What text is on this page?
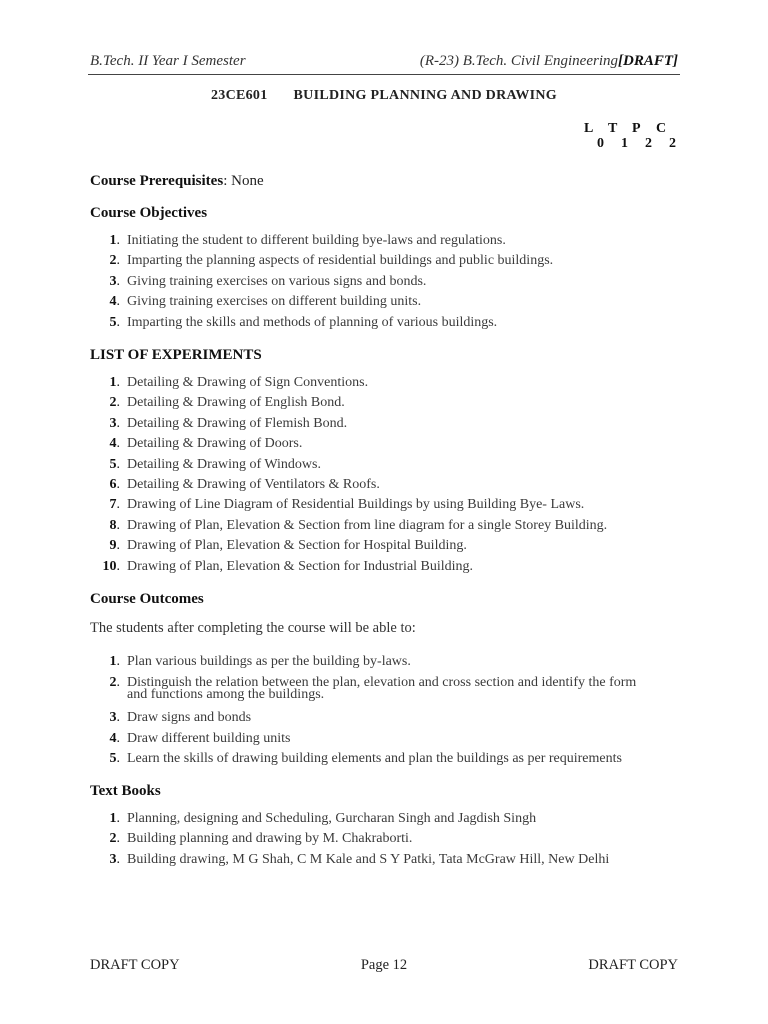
B.Tech. II Year I Semester	(R-23) B.Tech. Civil Engineering[DRAFT]
23CE601 BUILDING PLANNING AND DRAWING
L T P C
0 1 2 2
Course Prerequisites: None
Course Objectives
1 . Initiating the student to different building bye-laws and regulations.
2 . Imparting the planning aspects of residential buildings and public buildings.
3 . Giving training exercises on various signs and bonds.
4 . Giving training exercises on different building units.
5 . Imparting the skills and methods of planning of various buildings.
LIST OF EXPERIMENTS
1 . Detailing & Drawing of Sign Conventions.
2 . Detailing & Drawing of English Bond.
3 . Detailing & Drawing of Flemish Bond.
4 . Detailing & Drawing of Doors.
5 . Detailing & Drawing of Windows.
6 . Detailing & Drawing of Ventilators & Roofs.
7 . Drawing of Line Diagram of Residential Buildings by using Building Bye- Laws.
8 . Drawing of Plan, Elevation & Section from line diagram for a single Storey Building.
9 . Drawing of Plan, Elevation & Section for Hospital Building.
10 . Drawing of Plan, Elevation & Section for Industrial Building.
Course Outcomes
The students after completing the course will be able to:
1 . Plan various buildings as per the building by-laws.
2 . Distinguish the relation between the plan, elevation and cross section and identify the form
and functions among the buildings.
3 . Draw signs and bonds
4 . Draw different building units
5 . Learn the skills of drawing building elements and plan the buildings as per requirements
Text Books
1 . Planning, designing and Scheduling, Gurcharan Singh and Jagdish Singh
2 . Building planning and drawing by M. Chakraborti.
3 . Building drawing, M G Shah, C M Kale and S Y Patki, Tata McGraw Hill, New Delhi
DRAFT COPY	Page 12	DRAFT COPY
